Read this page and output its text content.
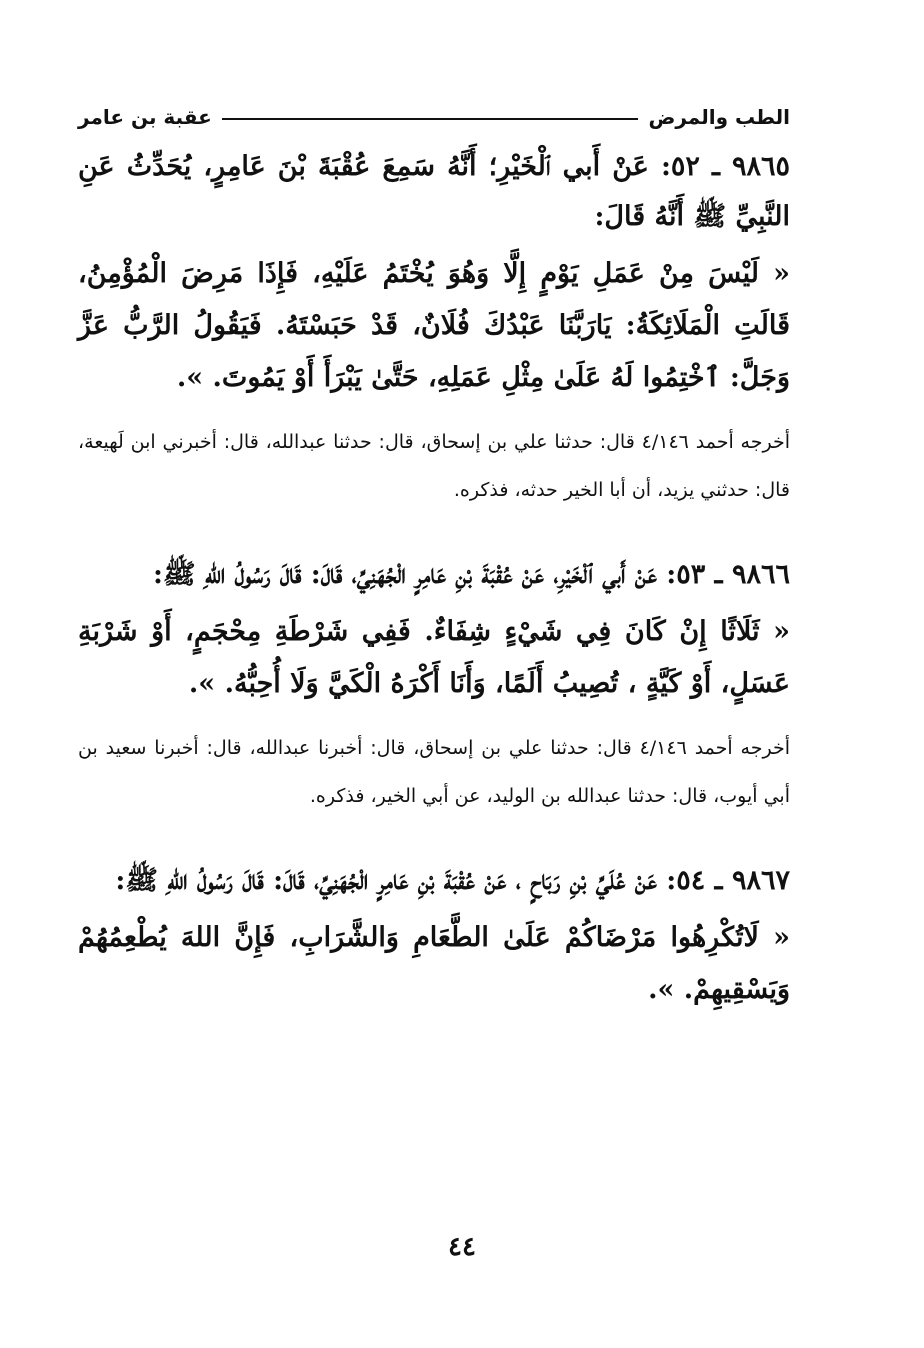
الطب والمرض
عقبة بن عامر

٩٨٦٥ ـ ٥٢: عَنْ أَبي ٱلْخَيْرِ؛ أَنَّهُ سَمِعَ عُقْبَةَ بْنَ عَامِرٍ، يُحَدِّثُ عَنِ النَّبِيِّ ﷺ أَنَّهُ قَالَ:

« لَيْسَ مِنْ عَمَلِ يَوْمٍ إِلَّا وَهُوَ يُخْتَمُ عَلَيْهِ، فَإِذَا مَرِضَ الْمُؤْمِنُ، قَالَتِ الْمَلَائِكَةُ: يَارَبَّنَا عَبْدُكَ فُلَانٌ، قَدْ حَبَسْتَهُ. فَيَقُولُ الرَّبُّ عَزَّ وَجَلَّ: ٱخْتِمُوا لَهُ عَلَىٰ مِثْلِ عَمَلِهِ، حَتَّىٰ يَبْرَأَ أَوْ يَمُوتَ. ».

أخرجه أحمد ٤/١٤٦ قال: حدثنا علي بن إسحاق، قال: حدثنا عبدالله، قال: أخبرني ابن لَهيعة، قال: حدثني يزيد، أن أبا الخير حدثه، فذكره.

٩٨٦٦ ـ ٥٣: عَنْ أَبي ٱلْخَيْرِ، عَنْ عُقْبَةَ بْنِ عَامِرٍ الْجُهَنِيِّ، قَالَ: قَالَ رَسُولُ اللهِ ﷺ:

« ثَلَاثًا إِنْ كَانَ فِي شَيْءٍ شِفَاءٌ. فَفِي شَرْطَةِ مِحْجَمٍ، أَوْ شَرْبَةِ عَسَلٍ، أَوْ كَيَّةٍ ، تُصِيبُ أَلَمًا، وَأَنَا أَكْرَهُ الْكَيَّ وَلَا أُحِبُّهُ. ».

أخرجه أحمد ٤/١٤٦ قال: حدثنا علي بن إسحاق، قال: أخبرنا عبدالله، قال: أخبرنا سعيد بن أبي أيوب، قال: حدثنا عبدالله بن الوليد، عن أبي الخير، فذكره.

٩٨٦٧ ـ ٥٤: عَنْ عُلَيِّ بْنِ رَبَاحٍ ، عَنْ عُقْبَةَ بْنِ عَامِرٍ الْجُهَنِيِّ، قَالَ: قَالَ رَسُولُ اللهِ ﷺ:

« لَاتُكْرِهُوا مَرْضَاكُمْ عَلَىٰ الطَّعَامِ وَالشَّرَابِ، فَإِنَّ اللهَ يُطْعِمُهُمْ وَيَسْقِيهِمْ. ».

٤٤
